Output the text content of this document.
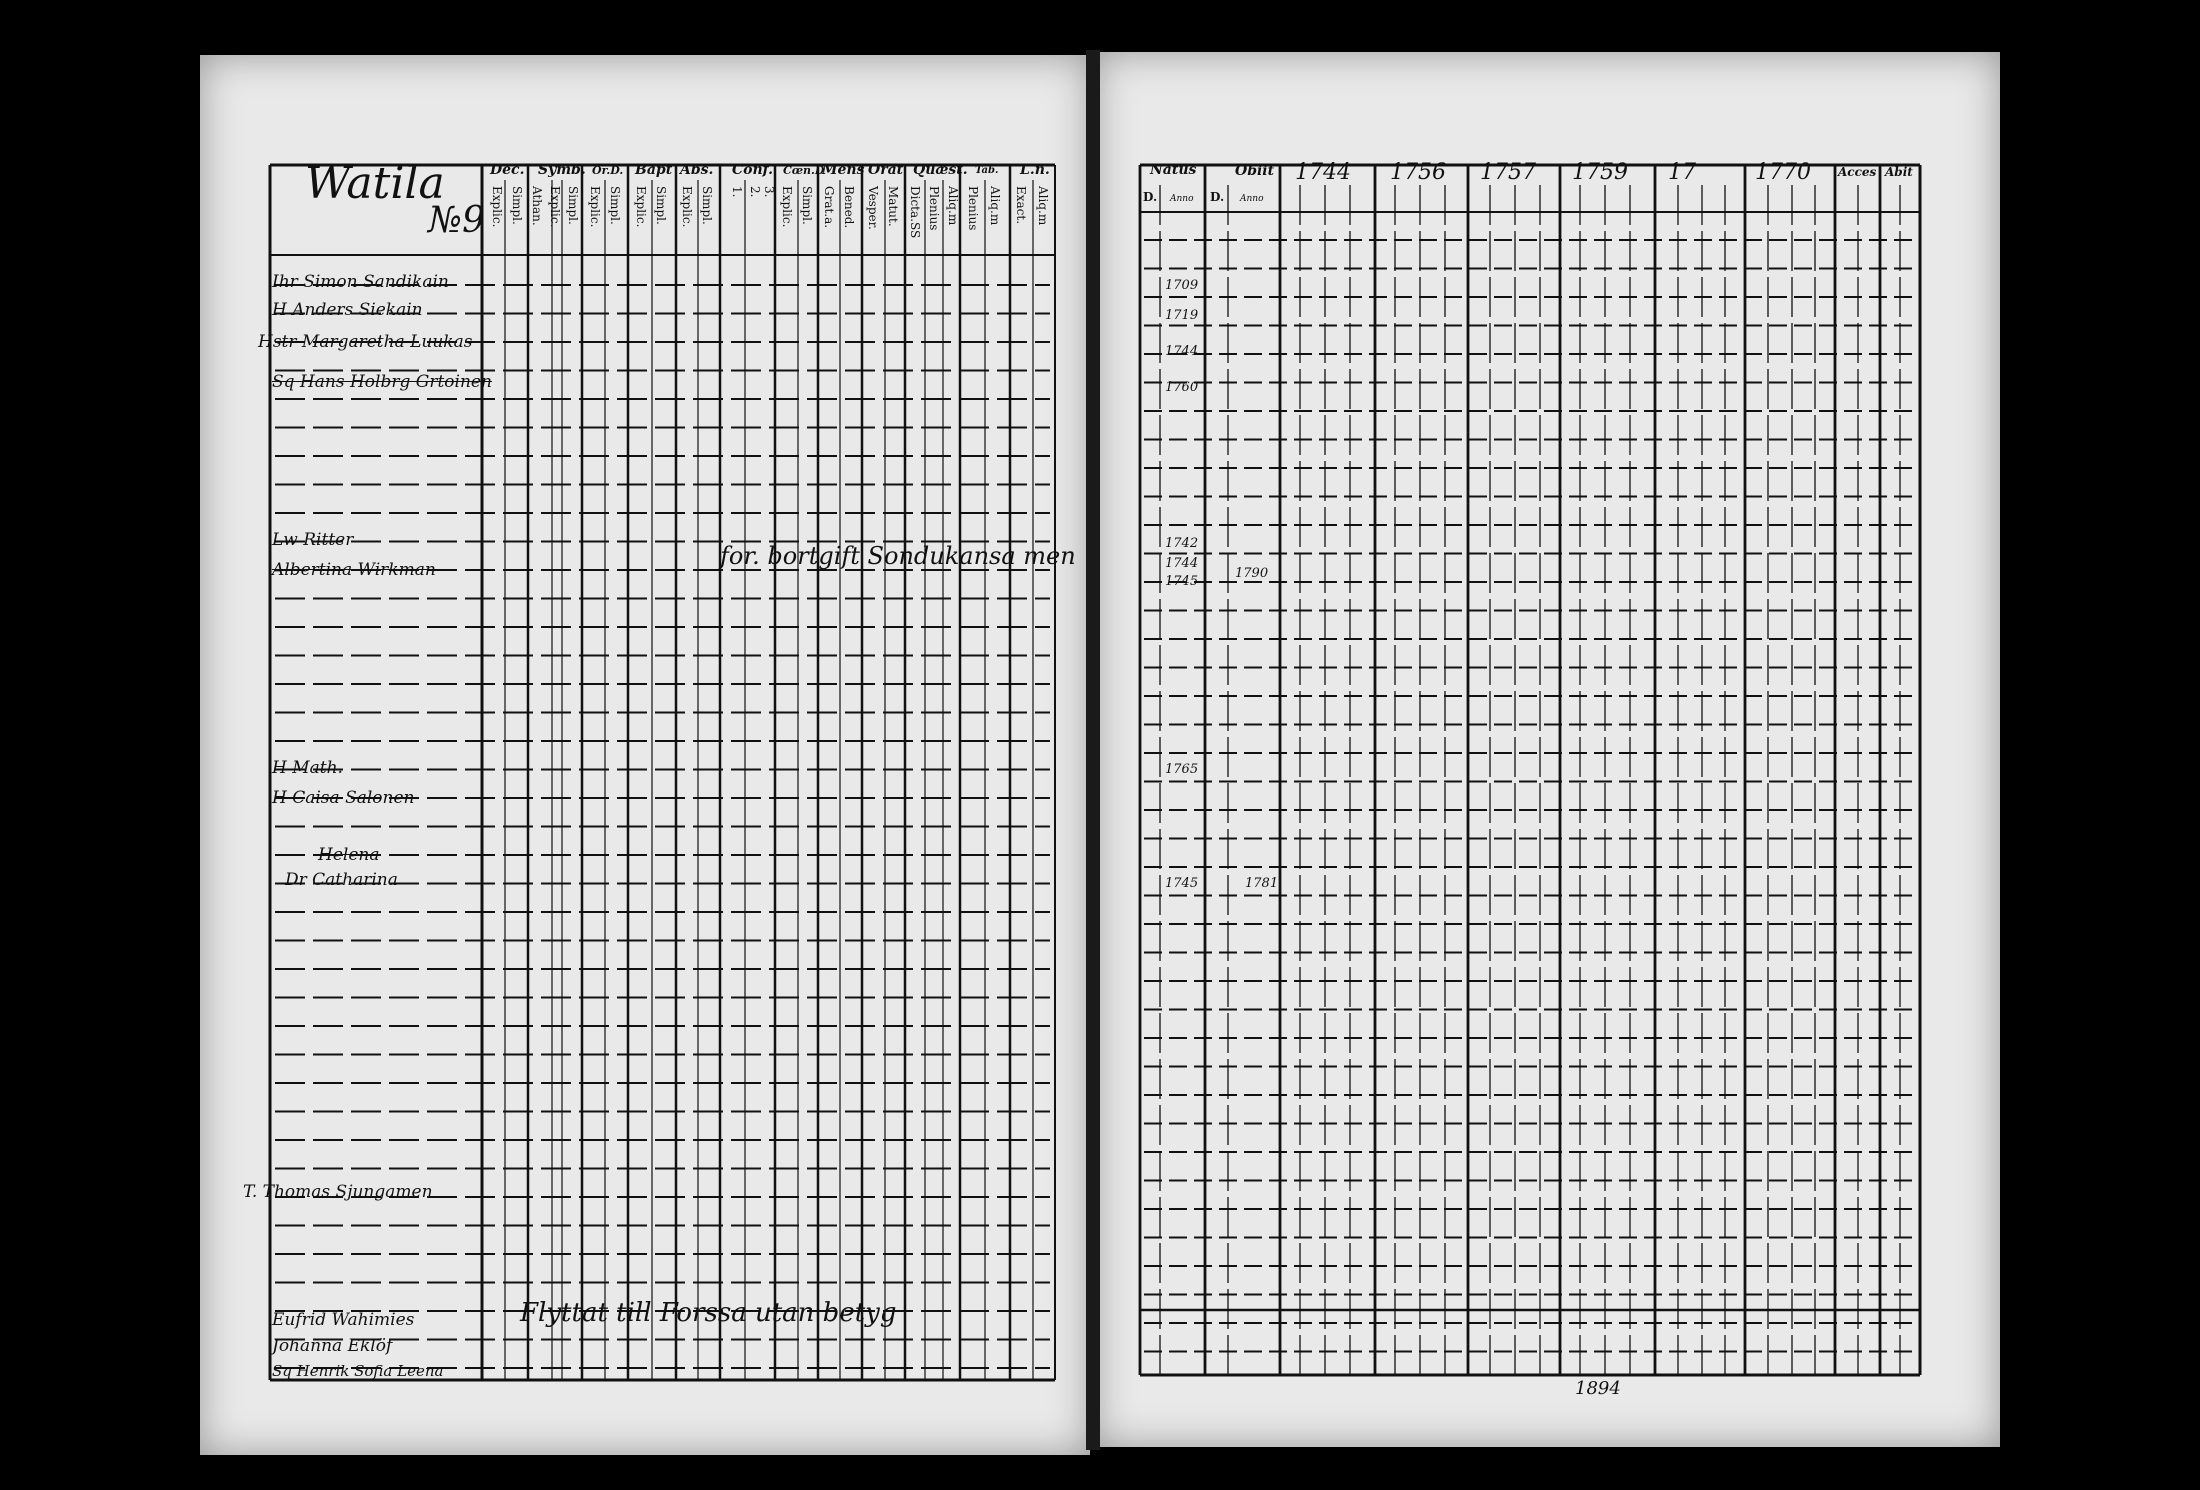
Watila
№9
Dec. Symb. Or.D. Bapt Abs. Conf. Cœn.D
Mens Orat Quæst. Tab. L.n.
Explic. Simpl. Athan. Explic. Simpl. Explic. Simpl. Explic. Simpl. Explic. Simpl. 1. 2. 3. Explic. Simpl. Grat.a. Bened. Vesper. Matut. Dicta.SS Plenius Aliq.m Plenius Aliq.m Exact. Aliq.m
Ihr Simon Sandikain
H Anders Siekain
Hstr Margaretha Luukas
Sq Hans Holbrg Grtoinen
Lw Ritter
Albertina Wirkman
H Math.
H Caisa Salonen
Helena
Dr Catharina
T. Thomas Sjungamen
Eufrid Wahimies
Johanna Eklöf
Sq Henrik Sofia Leena
for. bortgift Sondukansa men
Flyttat till Forssa utan betyg
Natus	Obiit 1744 1756 1757 1759 17	1770 Acces Abit
D. Anno D. Anno
1709
1719
1744
1760
1742
1744
1745
1765
1745
1790
1781
1894
